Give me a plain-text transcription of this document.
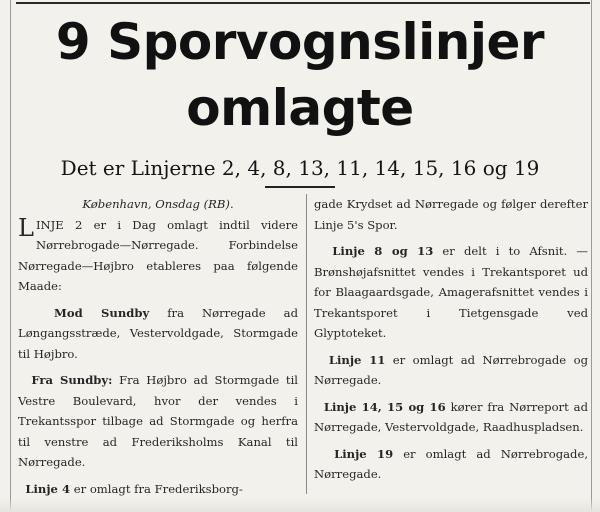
9 Sporvognslinjer
omlagte
Det er Linjerne 2, 4, 8, 13, 11, 14, 15, 16 og 19

København, Onsdag (RB).

LINJE 2 er i Dag omlagt indtil videre Nørrebrogade—Nørregade. Forbindelse Nørregade—Højbro etableres paa følgende Maade:

Mod Sundby fra Nørregade ad Løngangsstræde, Vestervoldgade, Stormgade til Højbro.

Fra Sundby: Fra Højbro ad Stormgade til Vestre Boulevard, hvor der vendes i Trekantsspor tilbage ad Stormgade og herfra til venstre ad Frederiksholms Kanal til Nørregade.

Linje 4 er omlagt fra Frederiksborg-

gade Krydset ad Nørregade og følger derefter Linje 5's Spor.

Linje 8 og 13 er delt i to Afsnit. — Brønshøjafsnittet vendes i Trekantsporet ud for Blaagaardsgade, Amagerafsnittet vendes i Trekantsporet i Tietgensgade ved Glyptoteket.

Linje 11 er omlagt ad Nørrebrogade og Nørregade.

Linje 14, 15 og 16 kører fra Nørreport ad Nørregade, Vestervoldgade, Raadhuspladsen.

Linje 19 er omlagt ad Nørrebrogade, Nørregade.
